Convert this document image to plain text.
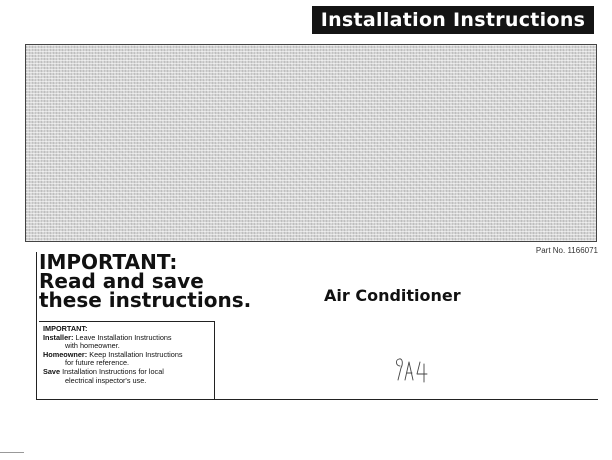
Installation Instructions
Part No. 1166071
IMPORTANT:
Read and save
these instructions.
IMPORTANT:
Installer: Leave Installation Instructions
with homeowner.
Homeowner: Keep Installation Instructions
for future reference.
Save Installation Instructions for local
electrical inspector's use.
Air Conditioner
